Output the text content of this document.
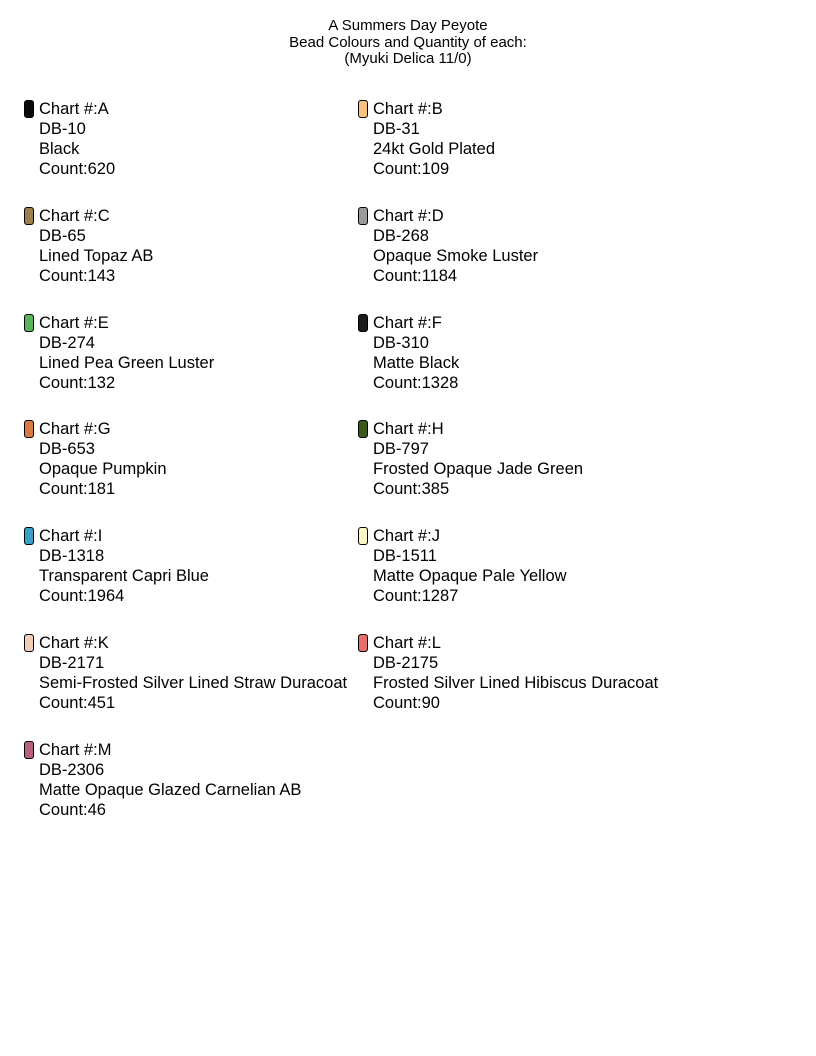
A Summers Day Peyote
Bead Colours and Quantity of each:
(Myuki Delica 11/0)
Chart #:A
DB-10
Black
Count:620
Chart #:B
DB-31
24kt Gold Plated
Count:109
Chart #:C
DB-65
Lined Topaz AB
Count:143
Chart #:D
DB-268
Opaque Smoke Luster
Count:1184
Chart #:E
DB-274
Lined Pea Green Luster
Count:132
Chart #:F
DB-310
Matte Black
Count:1328
Chart #:G
DB-653
Opaque Pumpkin
Count:181
Chart #:H
DB-797
Frosted Opaque Jade Green
Count:385
Chart #:I
DB-1318
Transparent Capri Blue
Count:1964
Chart #:J
DB-1511
Matte Opaque Pale Yellow
Count:1287
Chart #:K
DB-2171
Semi-Frosted Silver Lined Straw Duracoat
Count:451
Chart #:L
DB-2175
Frosted Silver Lined Hibiscus Duracoat
Count:90
Chart #:M
DB-2306
Matte Opaque Glazed Carnelian AB
Count:46
